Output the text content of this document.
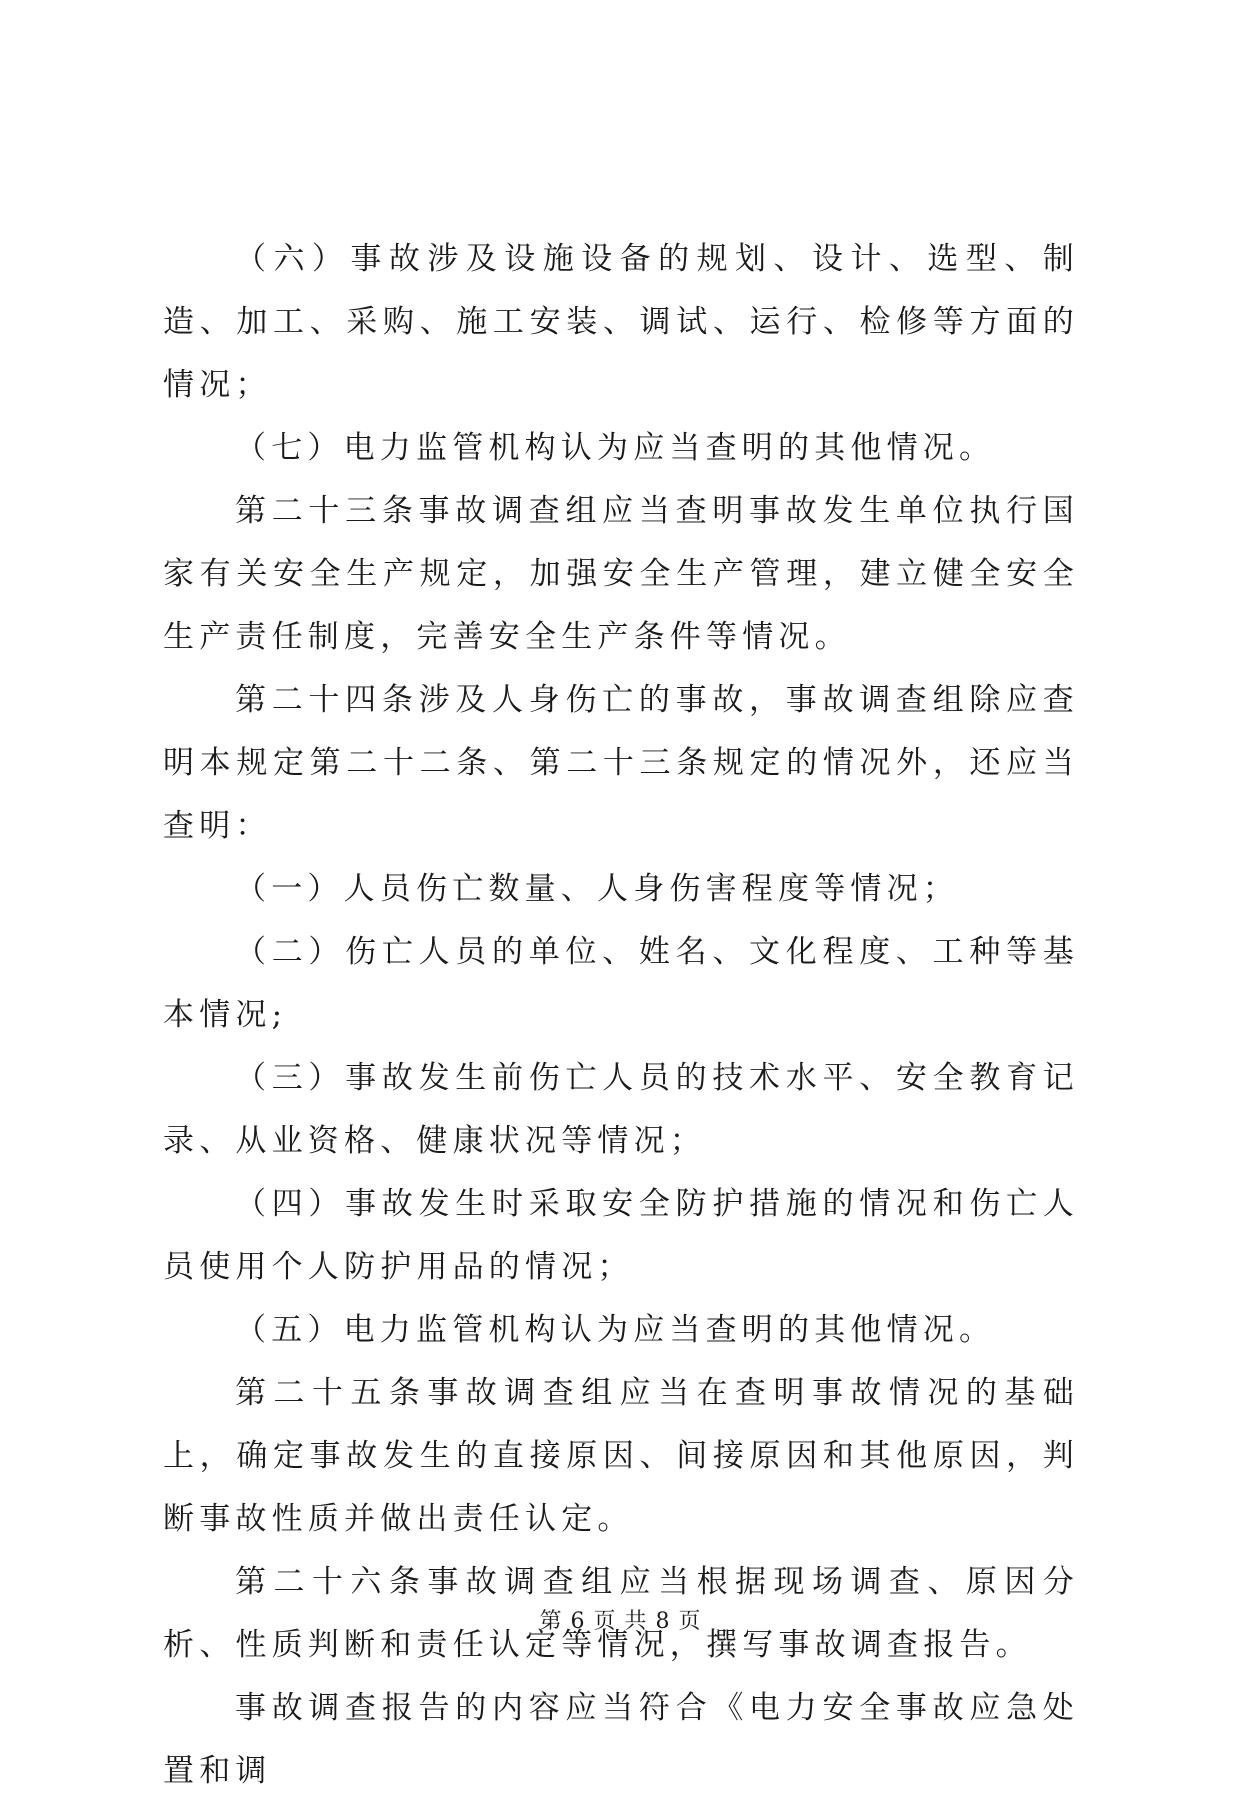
（六）事故涉及设施设备的规划、设计、选型、制造、加工、采购、施工安装、调试、运行、检修等方面的情况；

（七）电力监管机构认为应当查明的其他情况。

第二十三条事故调查组应当查明事故发生单位执行国家有关安全生产规定，加强安全生产管理，建立健全安全生产责任制度，完善安全生产条件等情况。

第二十四条涉及人身伤亡的事故，事故调查组除应查明本规定第二十二条、第二十三条规定的情况外，还应当查明：

（一）人员伤亡数量、人身伤害程度等情况；

（二）伤亡人员的单位、姓名、文化程度、工种等基本情况;

（三）事故发生前伤亡人员的技术水平、安全教育记录、从业资格、健康状况等情况；

（四）事故发生时采取安全防护措施的情况和伤亡人员使用个人防护用品的情况；

（五）电力监管机构认为应当查明的其他情况。

第二十五条事故调查组应当在查明事故情况的基础上，确定事故发生的直接原因、间接原因和其他原因，判断事故性质并做出责任认定。

第二十六条事故调查组应当根据现场调查、原因分析、性质判断和责任认定等情况，撰写事故调查报告。

事故调查报告的内容应当符合《电力安全事故应急处置和调

第 6 页 共 8 页
